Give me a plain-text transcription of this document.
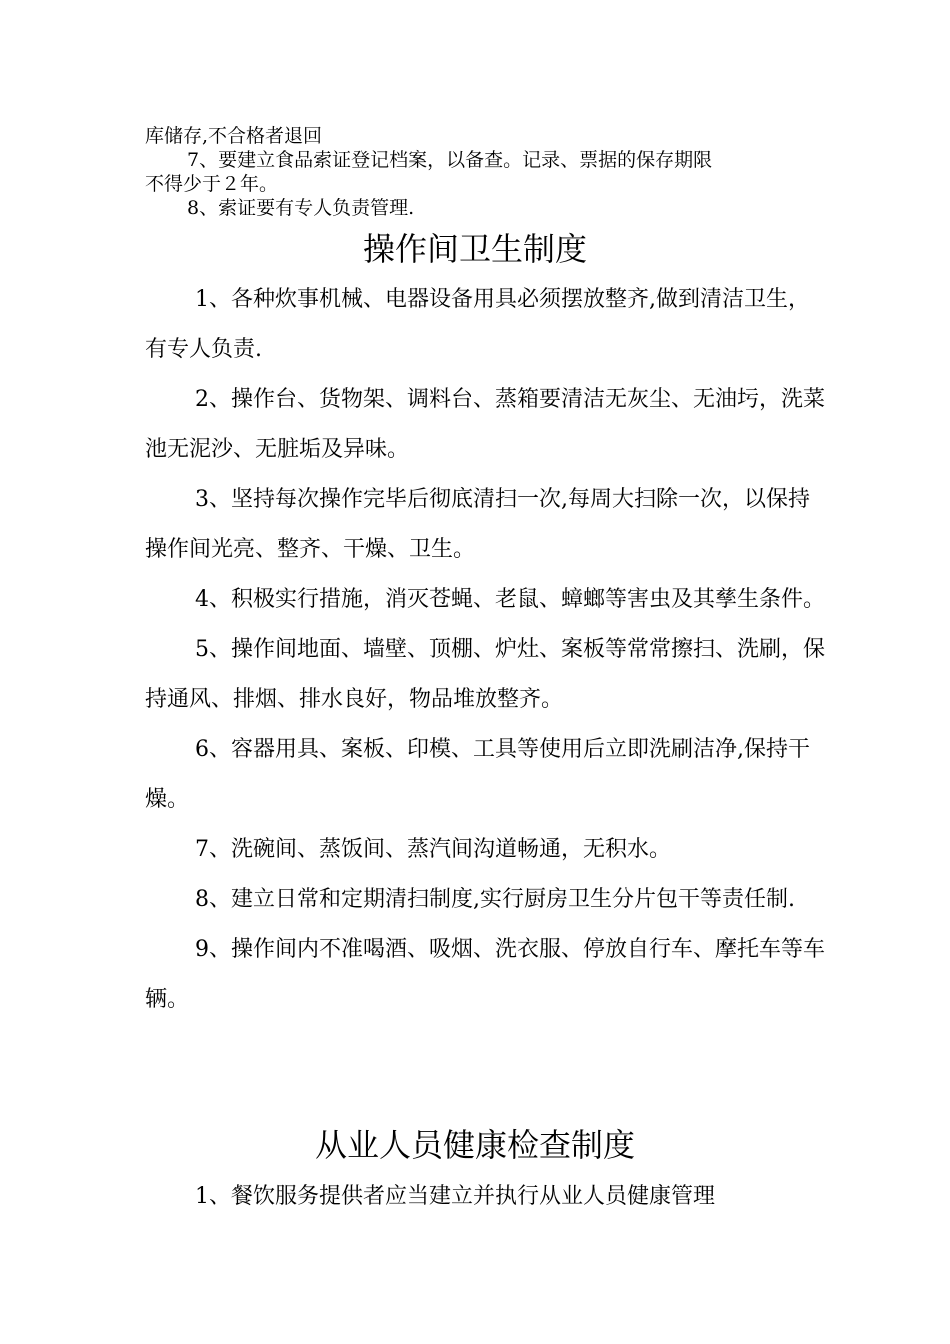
库储存,不合格者退回

7、要建立食品索证登记档案，以备查。记录、票据的保存期限

不得少于２年。

8、索证要有专人负责管理.

操作间卫生制度

1、各种炊事机械、电器设备用具必须摆放整齐,做到清洁卫生，有专人负责.

2、操作台、货物架、调料台、蒸箱要清洁无灰尘、无油圬，洗菜池无泥沙、无脏垢及异味。

3、坚持每次操作完毕后彻底清扫一次,每周大扫除一次，以保持操作间光亮、整齐、干燥、卫生。

4、积极实行措施，消灭苍蝇、老鼠、蟑螂等害虫及其孳生条件。

5、操作间地面、墙壁、顶棚、炉灶、案板等常常擦扫、洗刷，保持通风、排烟、排水良好，物品堆放整齐。

6、容器用具、案板、印模、工具等使用后立即洗刷洁净,保持干燥。

7、洗碗间、蒸饭间、蒸汽间沟道畅通，无积水。

8、建立日常和定期清扫制度,实行厨房卫生分片包干等责任制.

9、操作间内不准喝酒、吸烟、洗衣服、停放自行车、摩托车等车辆。

从业人员健康检查制度

1、餐饮服务提供者应当建立并执行从业人员健康管理
